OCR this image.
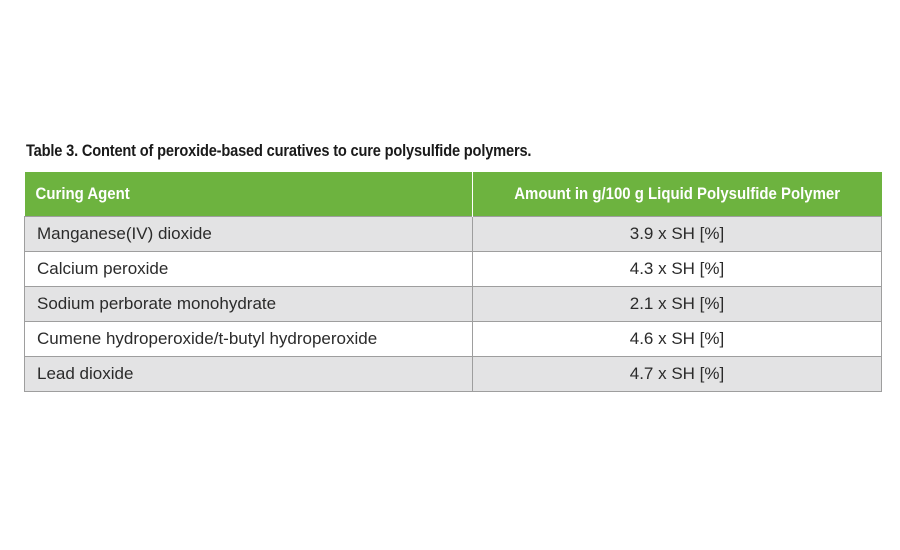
Table 3. Content of peroxide-based curatives to cure polysulfide polymers.
Curing Agent	Amount in g/100 g Liquid Polysulfide Polymer
Manganese(IV) dioxide	3.9 x SH [%]
Calcium peroxide	4.3 x SH [%]
Sodium perborate monohydrate	2.1 x SH [%]
Cumene hydroperoxide/t-butyl hydroperoxide	4.6 x SH [%]
Lead dioxide	4.7 x SH [%]
